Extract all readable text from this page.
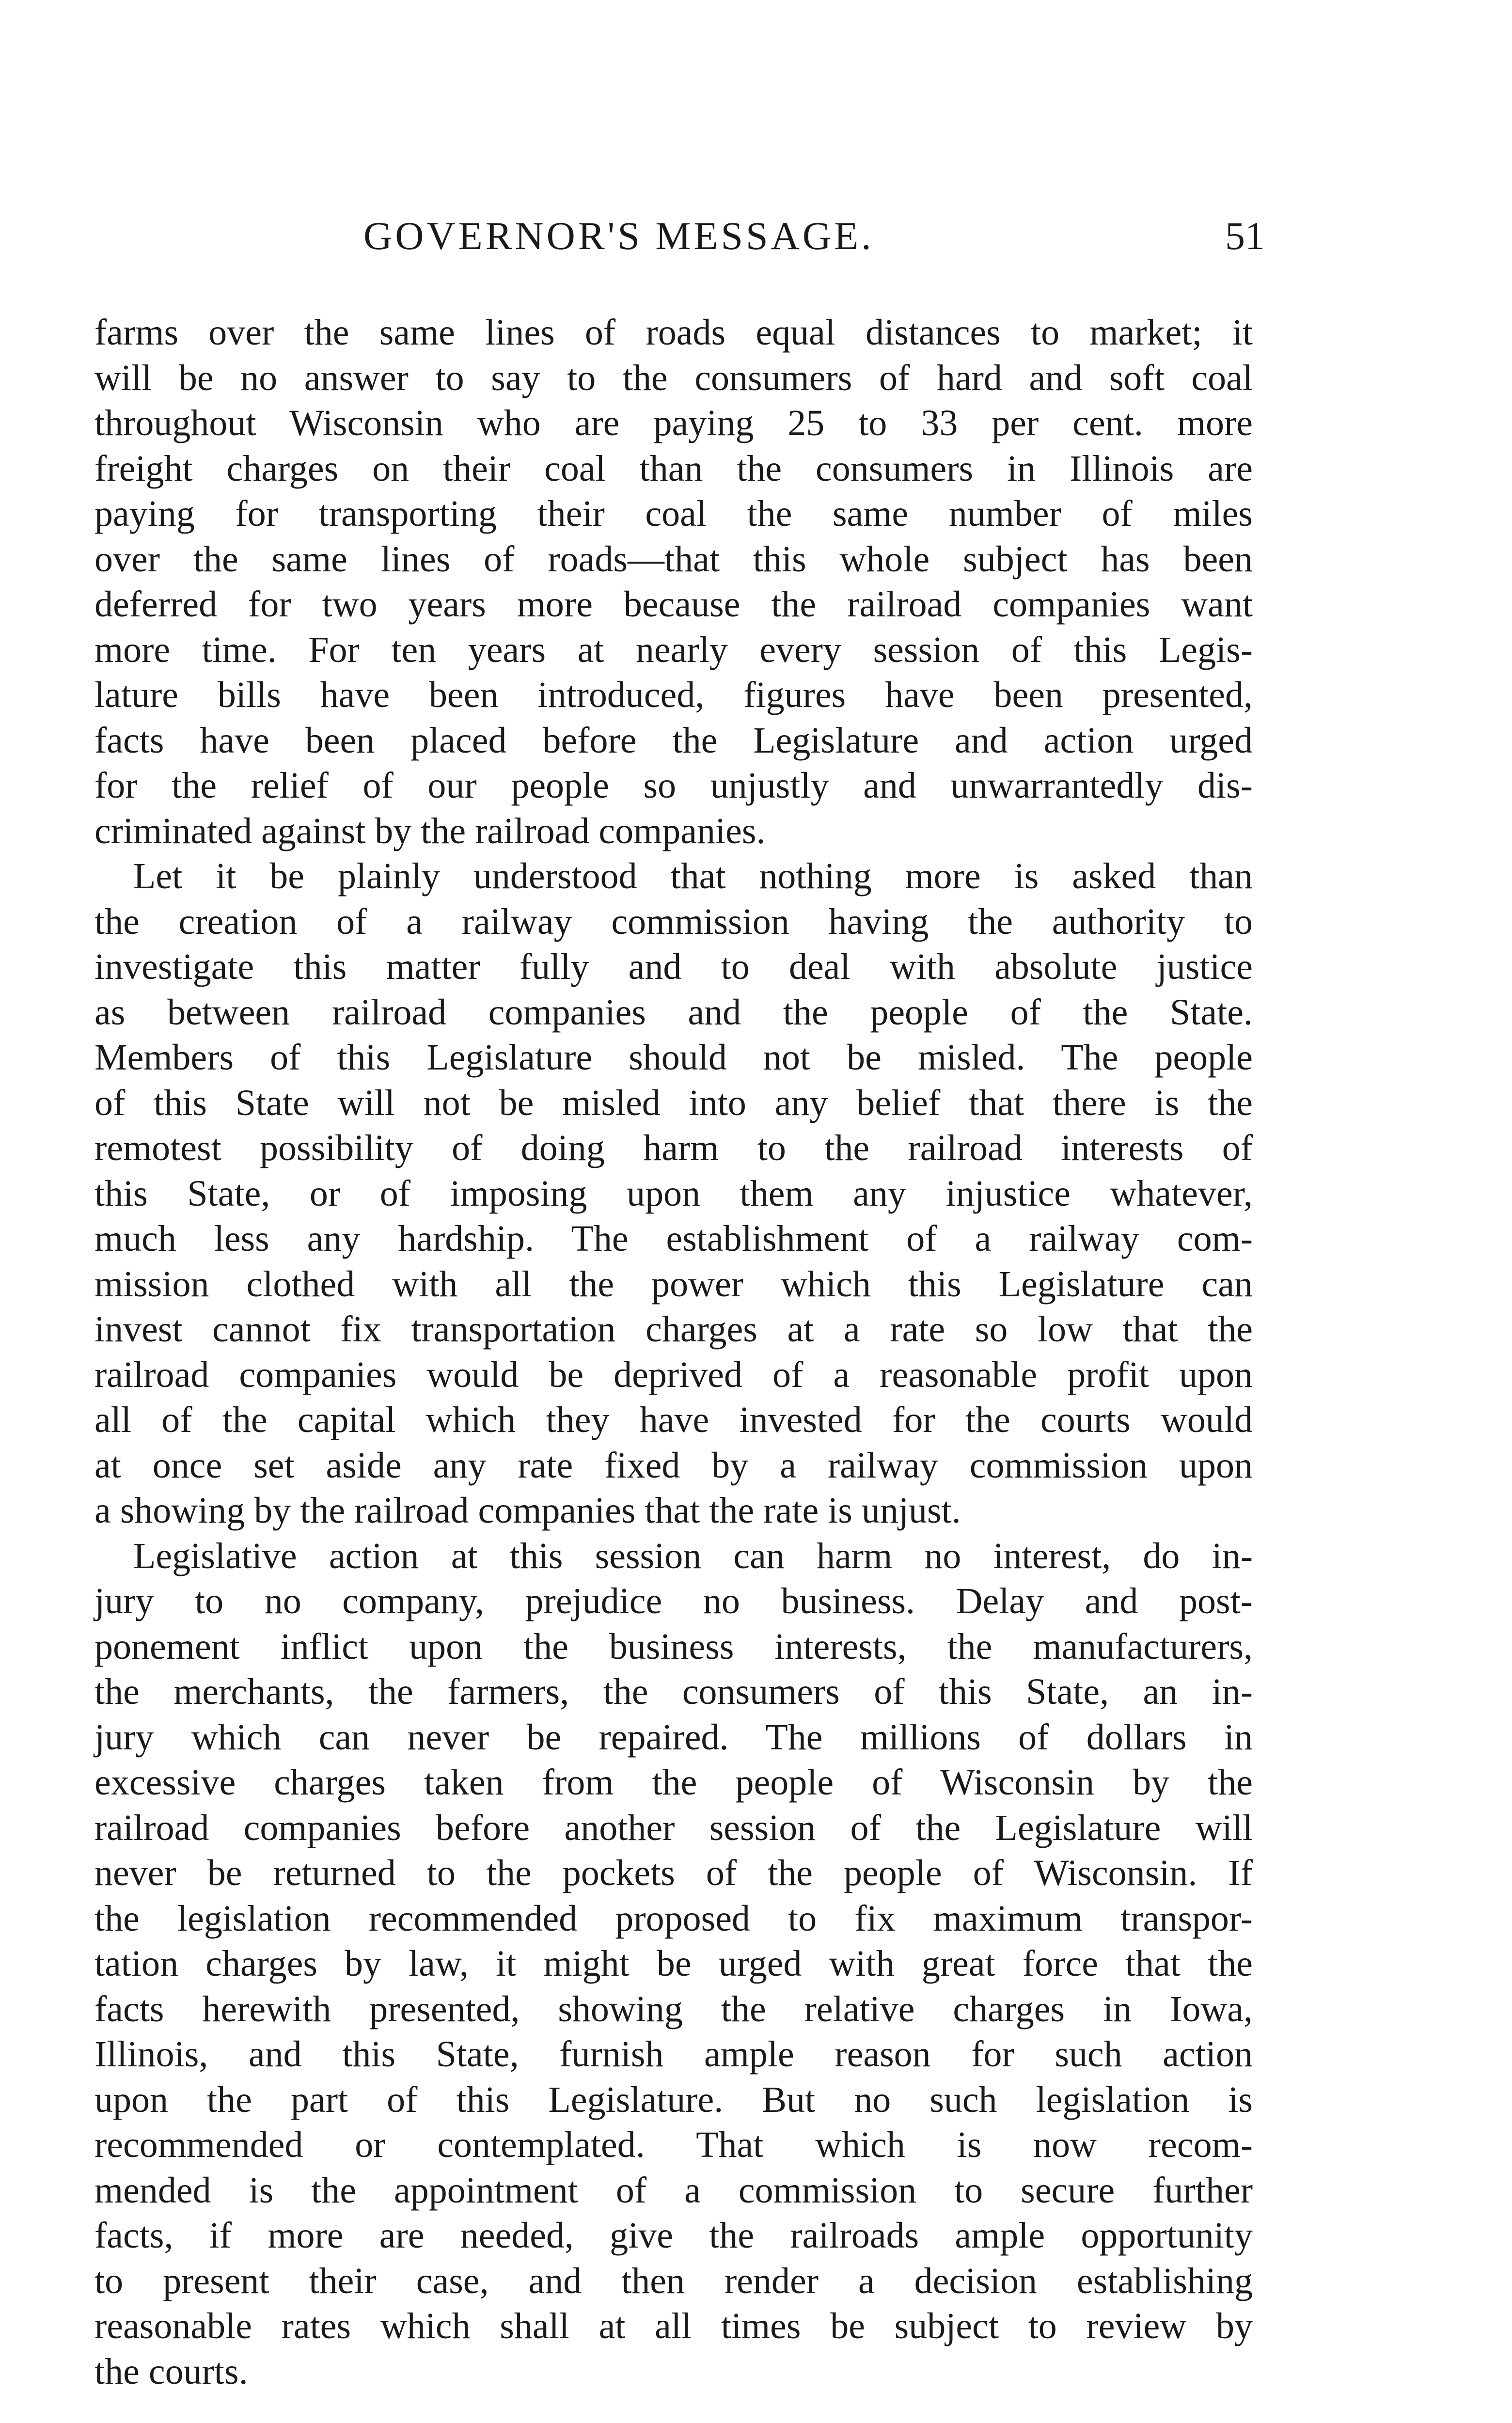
GOVERNOR'S MESSAGE.	51
farms over the same lines of roads equal distances to market; it
will be no answer to say to the consumers of hard and soft coal
throughout Wisconsin who are paying 25 to 33 per cent. more
freight charges on their coal than the consumers in Illinois are
paying for transporting their coal the same number of miles
over the same lines of roads—that this whole subject has been
deferred for two years more because the railroad companies want
more time. For ten years at nearly every session of this Legis-
lature bills have been introduced, figures have been presented,
facts have been placed before the Legislature and action urged
for the relief of our people so unjustly and unwarrantedly dis-
criminated against by the railroad companies.
Let it be plainly understood that nothing more is asked than
the creation of a railway commission having the authority to
investigate this matter fully and to deal with absolute justice
as between railroad companies and the people of the State.
Members of this Legislature should not be misled. The people
of this State will not be misled into any belief that there is the
remotest possibility of doing harm to the railroad interests of
this State, or of imposing upon them any injustice whatever,
much less any hardship. The establishment of a railway com-
mission clothed with all the power which this Legislature can
invest cannot fix transportation charges at a rate so low that the
railroad companies would be deprived of a reasonable profit upon
all of the capital which they have invested for the courts would
at once set aside any rate fixed by a railway commission upon
a showing by the railroad companies that the rate is unjust.
Legislative action at this session can harm no interest, do in-
jury to no company, prejudice no business. Delay and post-
ponement inflict upon the business interests, the manufacturers,
the merchants, the farmers, the consumers of this State, an in-
jury which can never be repaired. The millions of dollars in
excessive charges taken from the people of Wisconsin by the
railroad companies before another session of the Legislature will
never be returned to the pockets of the people of Wisconsin. If
the legislation recommended proposed to fix maximum transpor-
tation charges by law, it might be urged with great force that the
facts herewith presented, showing the relative charges in Iowa,
Illinois, and this State, furnish ample reason for such action
upon the part of this Legislature. But no such legislation is
recommended or contemplated. That which is now recom-
mended is the appointment of a commission to secure further
facts, if more are needed, give the railroads ample opportunity
to present their case, and then render a decision establishing
reasonable rates which shall at all times be subject to review by
the courts.
